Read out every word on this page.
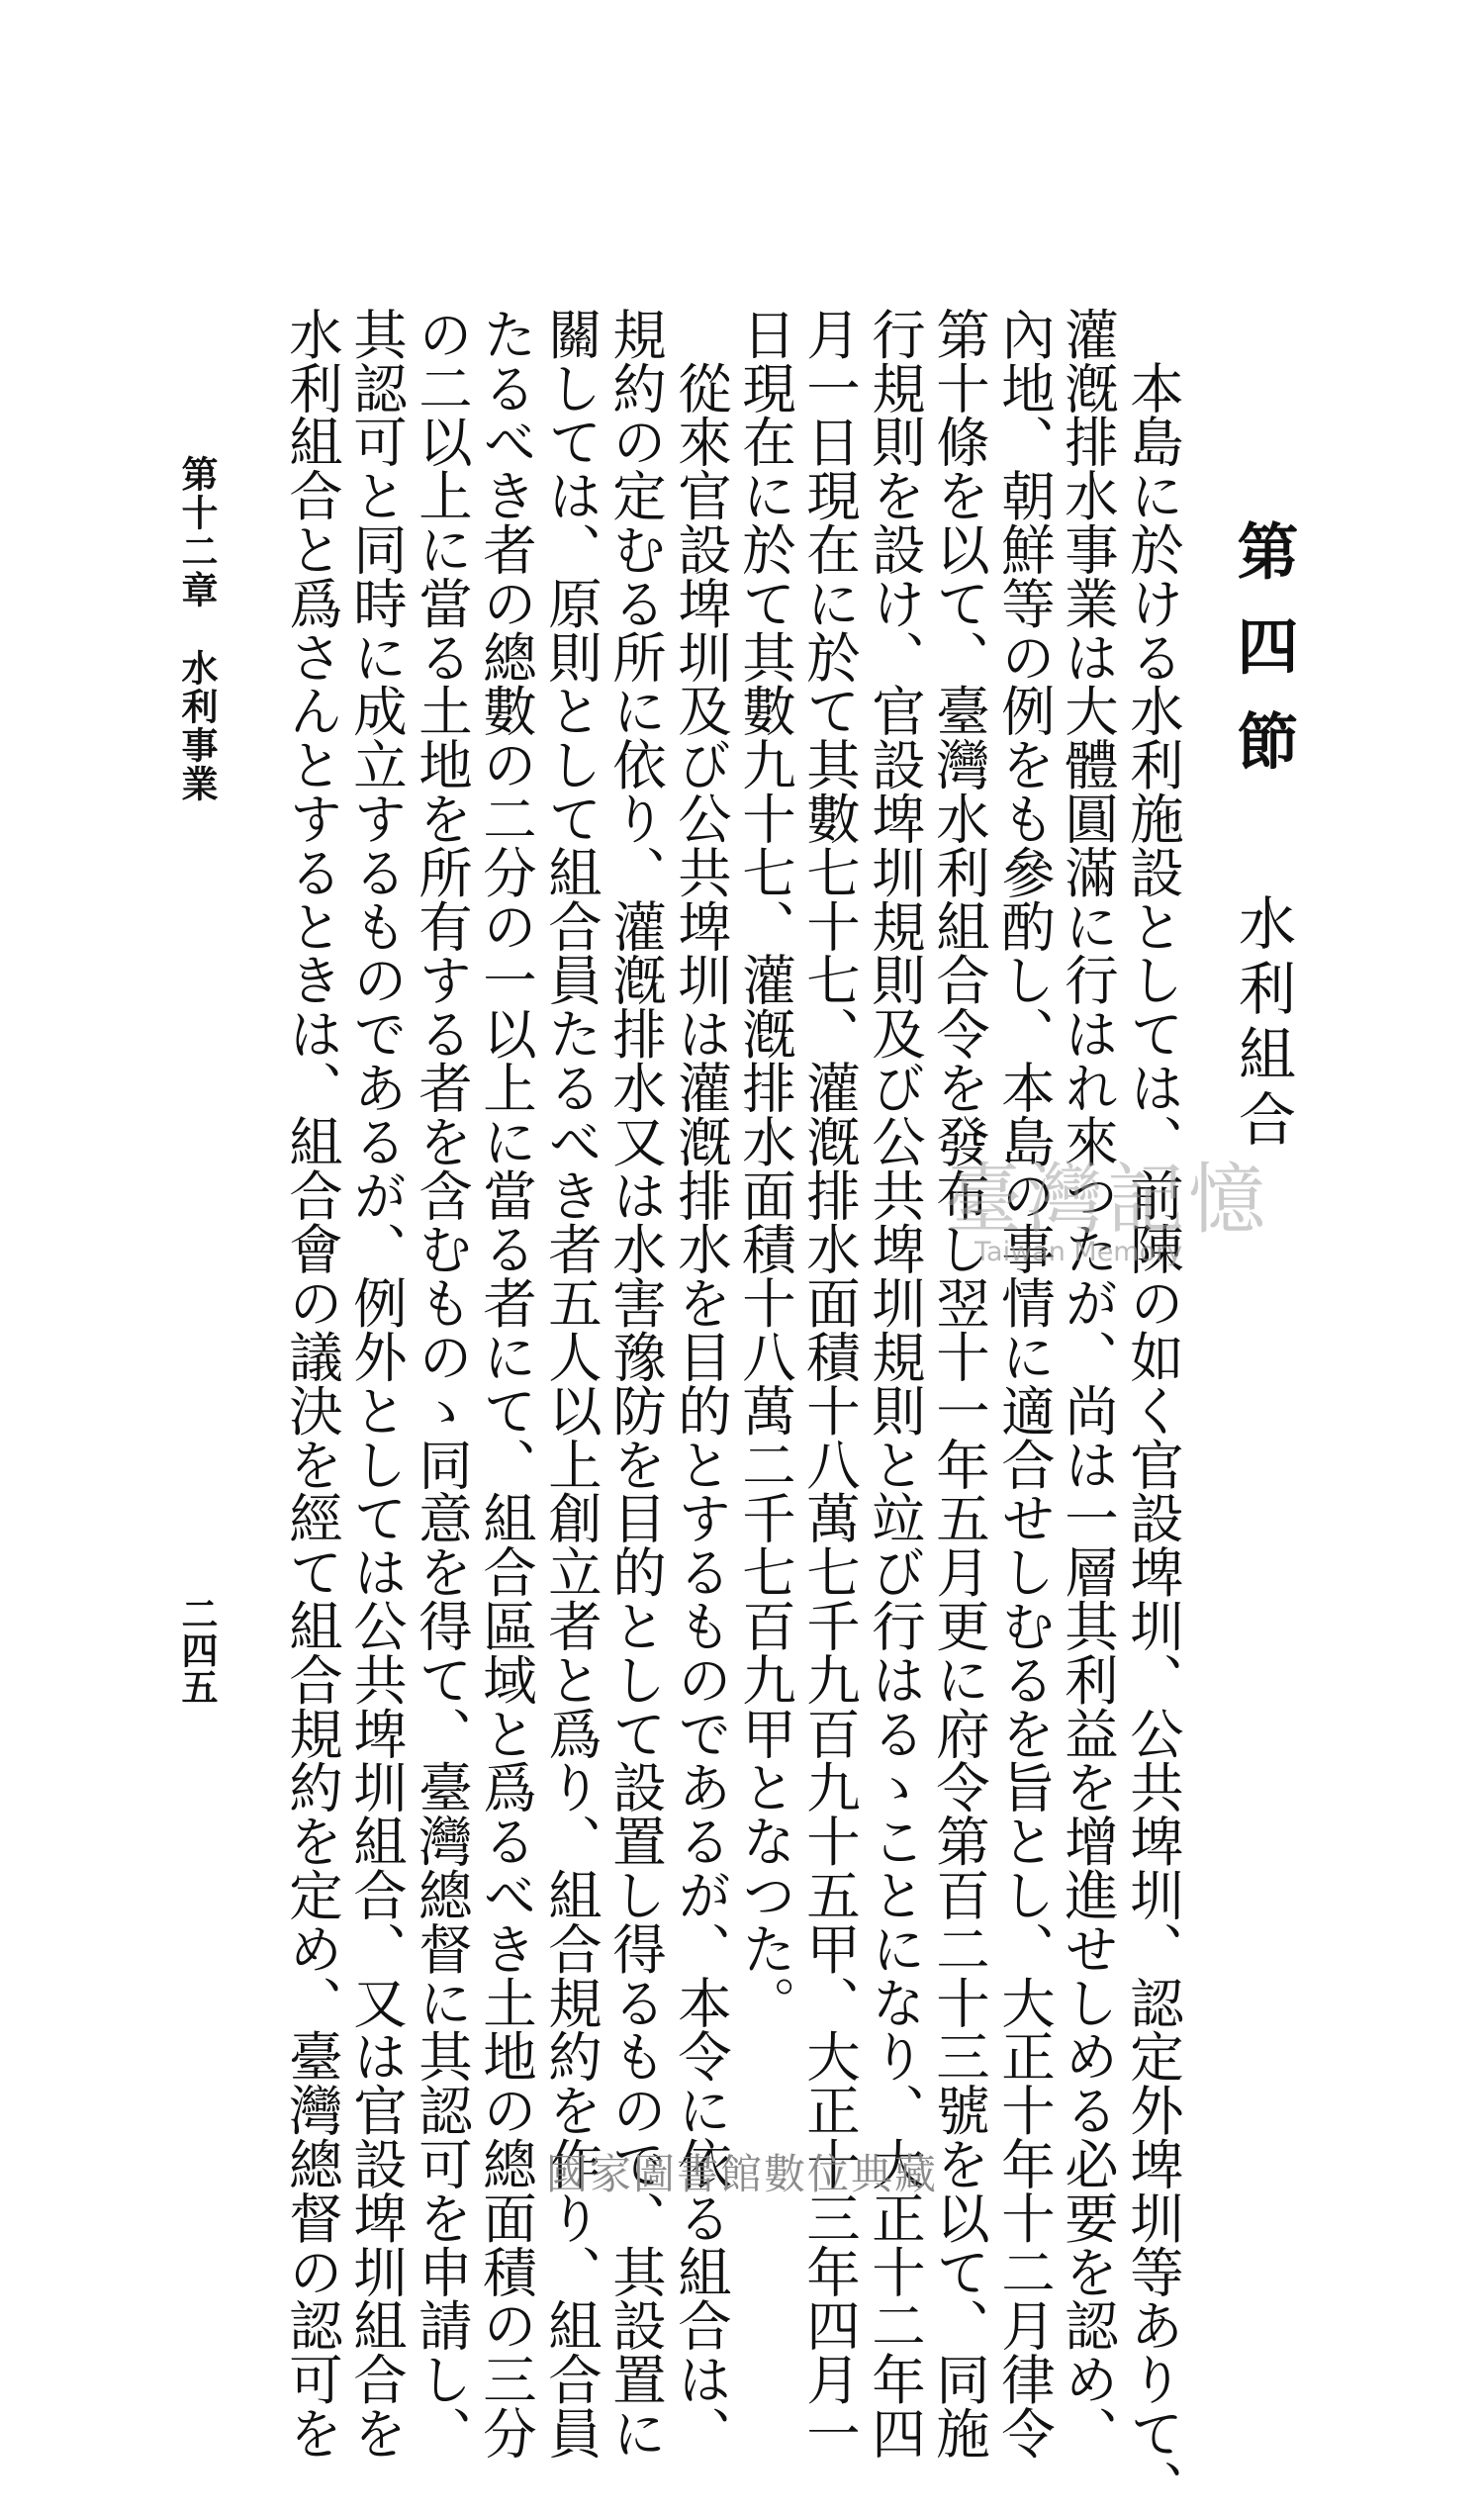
第四節水利組合
　本島に於ける水利施設としては、前陳の如く官設埤圳、公共埤圳、認定外埤圳等ありて、
灌漑排水事業は大體圓滿に行はれ來つたが、尚は一層其利益を增進せしめる必要を認め、
內地、朝鮮等の例をも參酌し、本島の事情に適合せしむるを旨とし、大正十年十二月律令
第十條を以て、臺灣水利組合令を發布し翌十一年五月更に府令第百二十三號を以て、同施
行規則を設け、官設埤圳規則及び公共埤圳規則と竝び行はるゝことになり、大正十二年四
月一日現在に於て其數七十七、灌漑排水面積十八萬七千九百九十五甲、大正十三年四月一
日現在に於て其數九十七、灌漑排水面積十八萬二千七百九甲となつた。
　從來官設埤圳及び公共埤圳は灌漑排水を目的とするものであるが、本令に依る組合は、
規約の定むる所に依り、灌漑排水又は水害豫防を目的として設置し得るもので、其設置に
關しては、原則として組合員たるべき者五人以上創立者と爲り、組合規約を作り、組合員
たるべき者の總數の二分の一以上に當る者にて、組合區域と爲るべき土地の總面積の三分
の二以上に當る土地を所有する者を含むものゝ同意を得て、臺灣總督に其認可を申請し、
其認可と同時に成立するものであるが、例外としては公共埤圳組合、又は官設埤圳組合を
水利組合と爲さんとするときは、組合會の議決を經て組合規約を定め、臺灣總督の認可を
第十二章水利事業
二四五
臺灣記憶
Taiwan Memory
國家圖書館數位典藏
